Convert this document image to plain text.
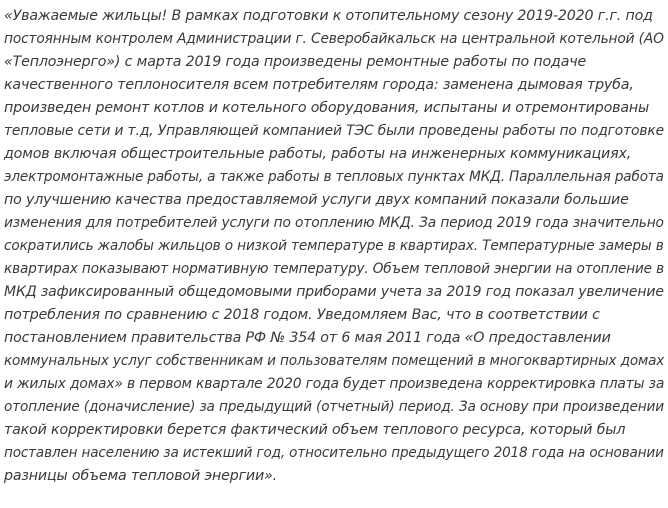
«Уважаемые жильцы! В рамках подготовки к отопительному сезону 2019-2020 г.г. под
постоянным контролем Администрации г. Северобайкальск на центральной котельной (АО
«Теплоэнерго») с марта 2019 года произведены ремонтные работы по подаче
качественного теплоносителя всем потребителям города: заменена дымовая труба,
произведен ремонт котлов и котельного оборудования, испытаны и отремонтированы
тепловые сети и т.д, Управляющей компанией ТЭС были проведены работы по подготовке
домов включая общестроительные работы, работы на инженерных коммуникациях,
электромонтажные работы, а также работы в тепловых пунктах МКД. Параллельная работа
по улучшению качества предоставляемой услуги двух компаний показали большие
изменения для потребителей услуги по отоплению МКД. За период 2019 года значительно сократились жалобы жильцов о низкой температуре в квартирах. Температурные замеры в квартирах показывают нормативную температуру. Объем тепловой энергии на отопление в МКД зафиксированный общедомовыми приборами учета за 2019 год показал увеличение
потребления по сравнению с 2018 годом. Уведомляем Вас, что в соответствии с
постановлением правительства РФ № 354 от 6 мая 2011 года «О предоставлении
коммунальных услуг собственникам и пользователям помещений в многоквартирных домах и жилых домах» в первом квартале 2020 года будет произведена корректировка платы за отопление (доначисление) за предыдущий (отчетный) период. За основу при произведении
такой корректировки берется фактический объем теплового ресурса, который был
поставлен населению за истекший год, относительно предыдущего 2018 года на основании
разницы объема тепловой энергии».
